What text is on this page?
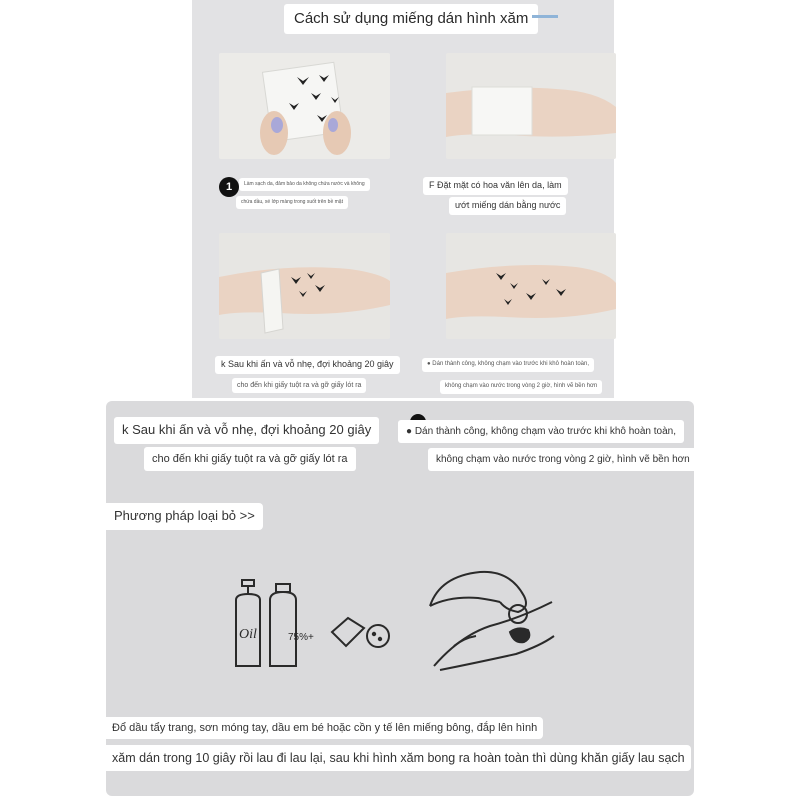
Cách sử dụng miếng dán hình xăm
1	Làm sạch da, đảm bảo da không chứa nước và không
chứa dầu, xé lớp màng trong suốt trên bề mặt
F Đặt mặt có hoa văn lên da, làm
ướt miếng dán bằng nước
k Sau khi ấn và vỗ nhẹ, đợi khoảng 20 giây
cho đến khi giấy tuột ra và gỡ giấy lót ra
● Dán thành công, không chạm vào trước khi khô hoàn toàn,
không chạm vào nước trong vòng 2 giờ, hình vẽ bền hơn
k Sau khi ấn và vỗ nhẹ, đợi khoảng 20 giây
cho đến khi giấy tuột ra và gỡ giấy lót ra
● Dán thành công, không chạm vào trước khi khô hoàn toàn,
không chạm vào nước trong vòng 2 giờ, hình vẽ bền hơn
Phương pháp loại bỏ >>
Oil	75%+
Đổ dầu tẩy trang, sơn móng tay, dầu em bé hoặc cồn y tế lên miếng bông, đắp lên hình
xăm dán trong 10 giây rồi lau đi lau lại, sau khi hình xăm bong ra hoàn toàn thì dùng khăn giấy lau sạch
